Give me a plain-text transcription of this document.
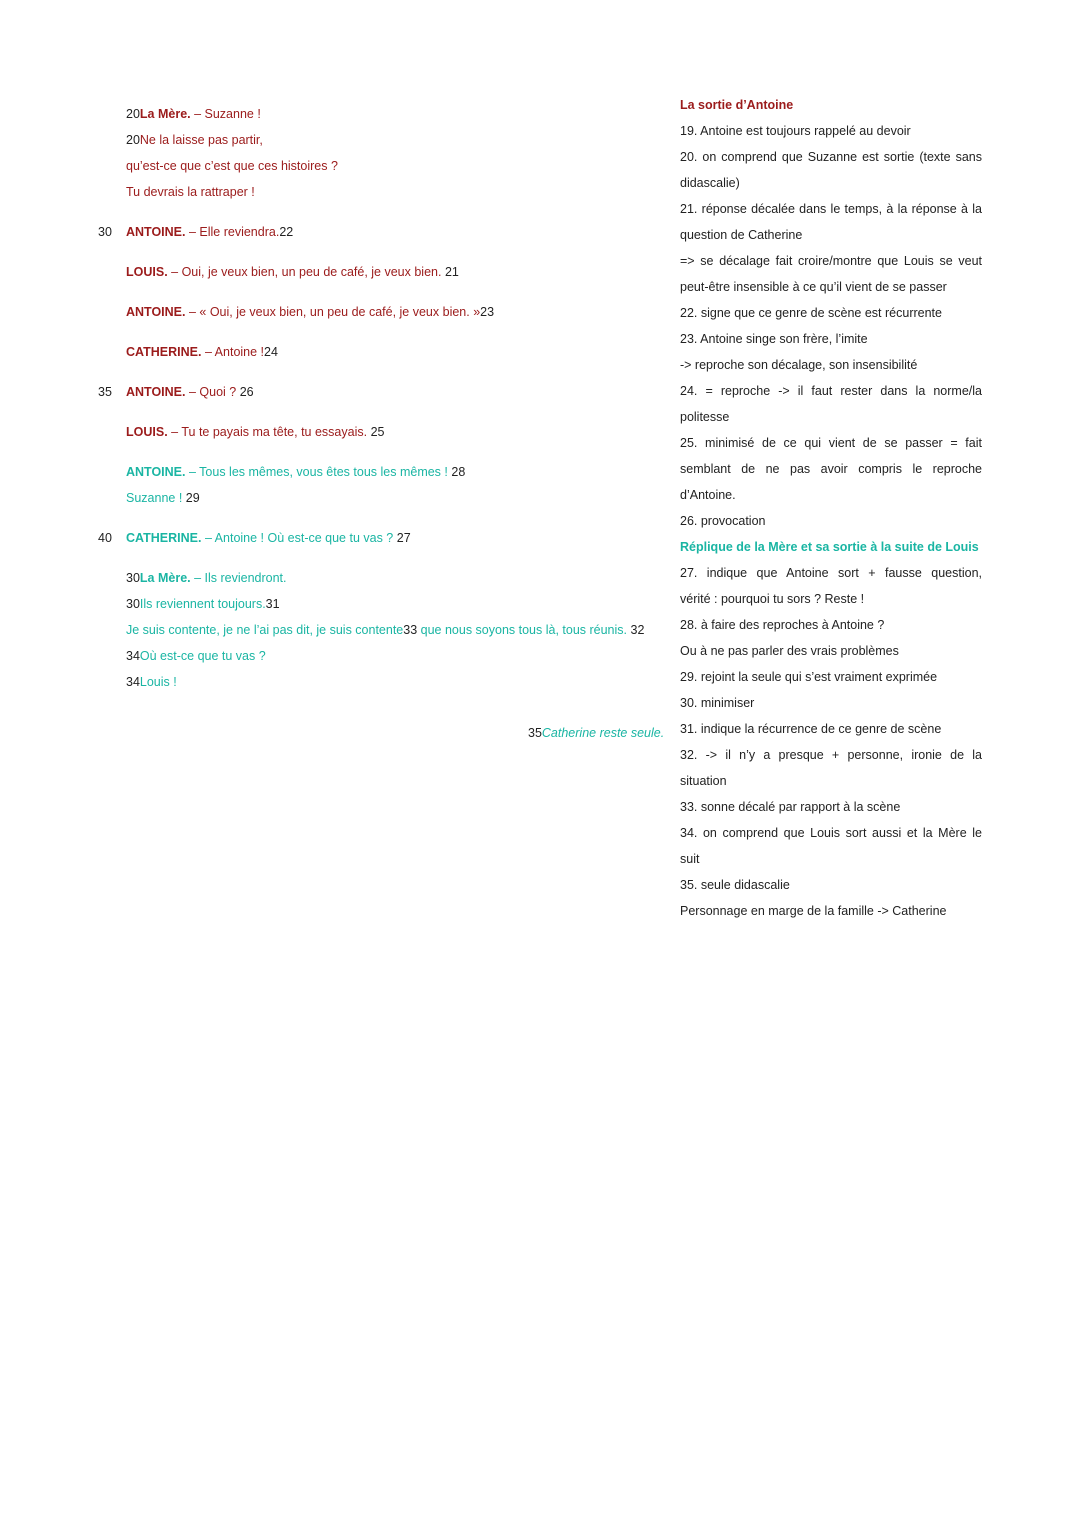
20La Mère. – Suzanne !
20Ne la laisse pas partir,
qu’est-ce que c’est que ces histoires ?
Tu devrais la rattraper !
30 ANTOINE. – Elle reviendra.22
LOUIS. – Oui, je veux bien, un peu de café, je veux bien. 21
ANTOINE. – « Oui, je veux bien, un peu de café, je veux bien. »23
CATHERINE. – Antoine !24
35 ANTOINE. – Quoi ? 26
LOUIS. – Tu te payais ma tête, tu essayais. 25
ANTOINE. – Tous les mêmes, vous êtes tous les mêmes ! 28
Suzanne ! 29
40 CATHERINE. – Antoine ! Où est-ce que tu vas ? 27
30La Mère. – Ils reviendront.
30Ils reviennent toujours.31
Je suis contente, je ne l’ai pas dit, je suis contente33 que nous soyons tous là, tous réunis. 32
34Où est-ce que tu vas ?
34Louis !
35Catherine reste seule.

La sortie d’Antoine

19. Antoine est toujours rappelé au devoir

20. on comprend que Suzanne est sortie (texte sans

didascalie)

21. réponse décalée dans le temps, à la réponse à la

question de Catherine

=> se décalage fait croire/montre que Louis se veut

peut-être insensible à ce qu’il vient de se passer

22. signe que ce genre de scène est récurrente

23. Antoine singe son frère, l’imite

-> reproche son décalage, son insensibilité

24. = reproche -> il faut rester dans la norme/la

politesse

25. minimisé de ce qui vient de se passer = fait

semblant de ne pas avoir compris le reproche

d’Antoine.

26. provocation

Réplique de la Mère et sa sortie à la suite de Louis

27. indique que Antoine sort + fausse question,

vérité : pourquoi tu sors ? Reste !

28. à faire des reproches à Antoine ?

Ou à ne pas parler des vrais problèmes

29. rejoint la seule qui s’est vraiment exprimée

30. minimiser

31. indique la récurrence de ce genre de scène

32. -> il n’y a presque + personne, ironie de la

situation

33. sonne décalé par rapport à la scène

34. on comprend que Louis sort aussi et la Mère le

suit

35. seule didascalie

Personnage en marge de la famille -> Catherine
